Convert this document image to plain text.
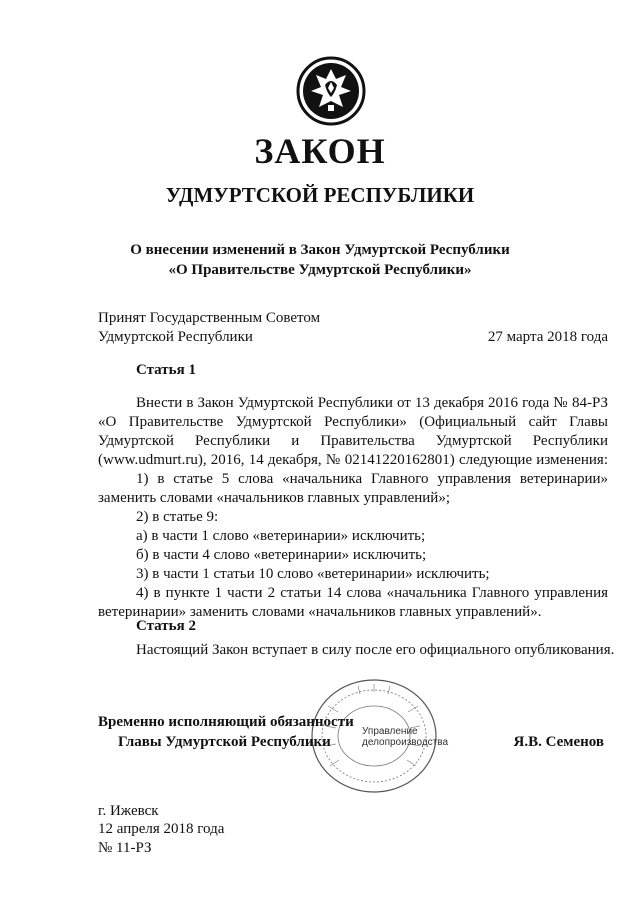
ЗАКОН
УДМУРТСКОЙ РЕСПУБЛИКИ
О внесении изменений в Закон Удмуртской Республики
«О Правительстве Удмуртской Республики»
Принят Государственным Советом
Удмуртской Республики	27 марта 2018 года
Статья 1
Внести в Закон Удмуртской Республики от 13 декабря 2016 года № 84-РЗ
«О Правительстве Удмуртской Республики» (Официальный сайт Главы
Удмуртской Республики и Правительства Удмуртской Республики
(www.udmurt.ru), 2016, 14 декабря, № 02141220162801) следующие изменения:
1) в статье 5 слова «начальника Главного управления ветеринарии»
заменить словами «начальников главных управлений»;
2) в статье 9:
а) в части 1 слово «ветеринарии» исключить;
б) в части 4 слово «ветеринарии» исключить;
3) в части 1 статьи 10 слово «ветеринарии» исключить;
4) в пункте 1 части 2 статьи 14 слова «начальника Главного управления
ветеринарии» заменить словами «начальников главных управлений».
Статья 2
Настоящий Закон вступает в силу после его официального опубликования.
Управление
делопроизводства
Временно исполняющий обязанности
Главы Удмуртской Республики	Я.В. Семенов
г. Ижевск
12 апреля 2018 года
№ 11-РЗ
